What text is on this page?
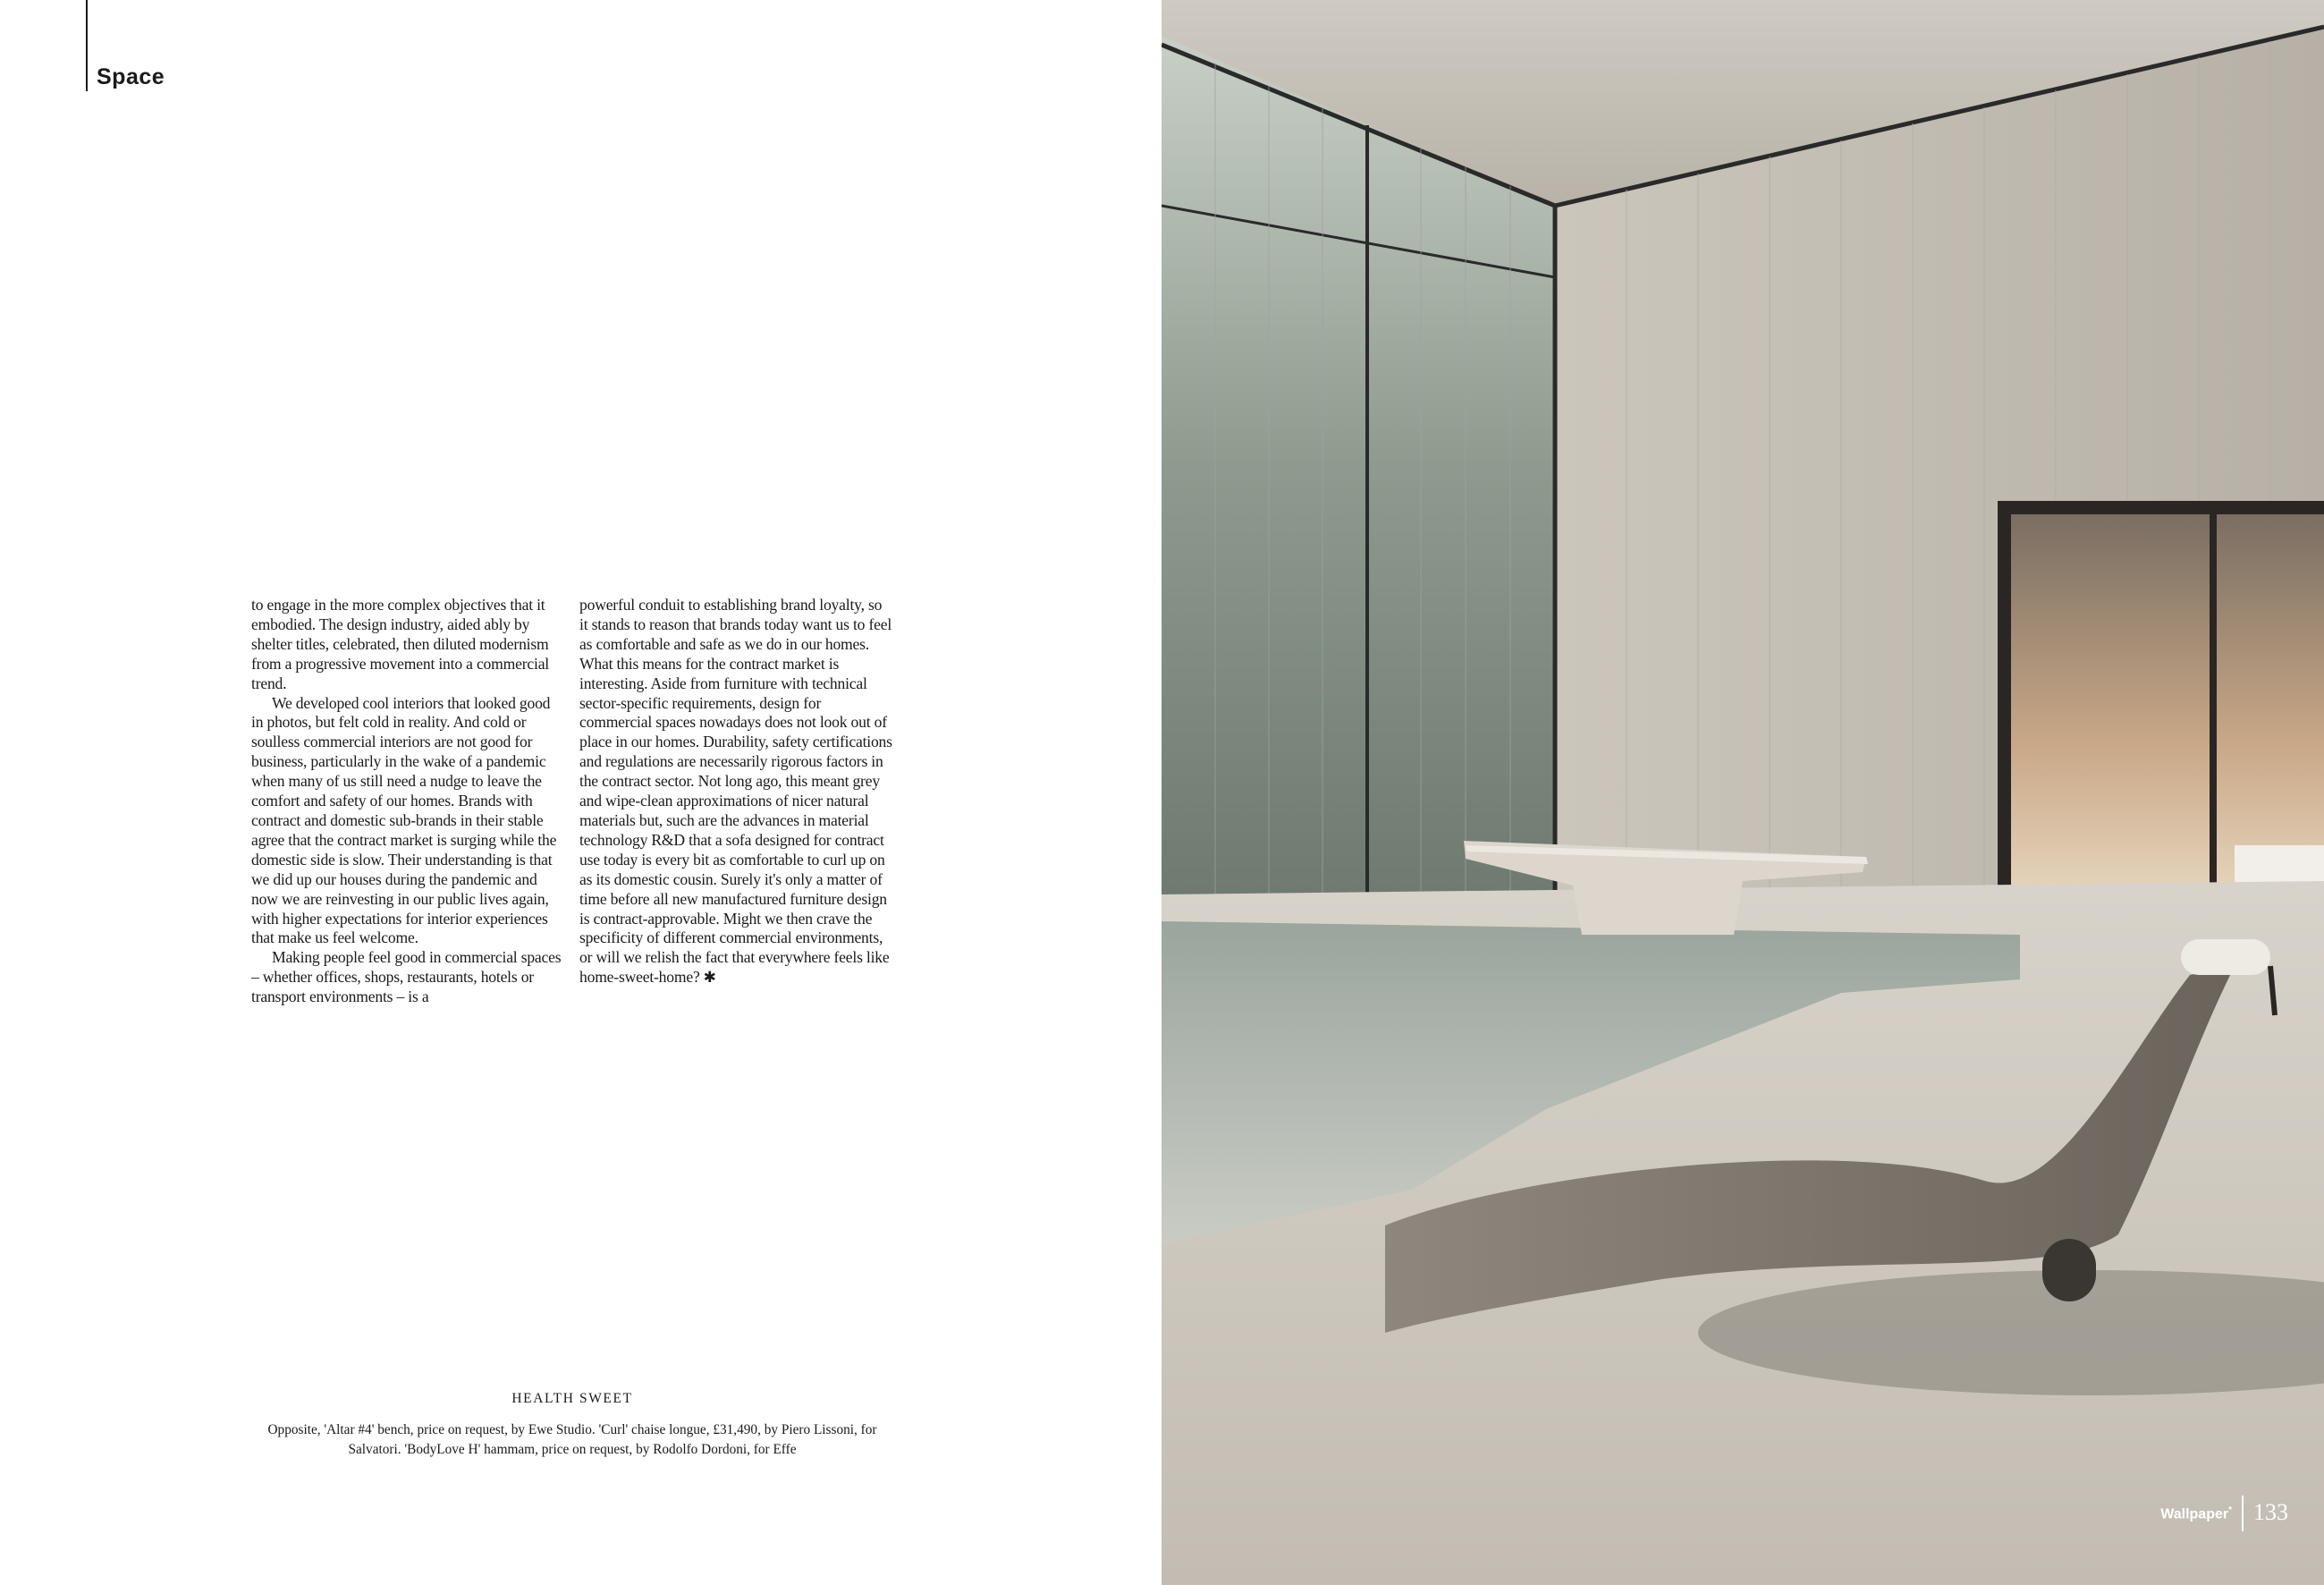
Space

to engage in the more complex objectives that it embodied. The design industry, aided ably by shelter titles, celebrated, then diluted modernism from a progressive movement into a commercial trend.

We developed cool interiors that looked good in photos, but felt cold in reality. And cold or soulless commercial interiors are not good for business, particularly in the wake of a pandemic when many of us still need a nudge to leave the comfort and safety of our homes. Brands with contract and domestic sub-brands in their stable agree that the contract market is surging while the domestic side is slow. Their understanding is that we did up our houses during the pandemic and now we are reinvesting in our public lives again, with higher expectations for interior experiences that make us feel welcome.

Making people feel good in commercial spaces – whether offices, shops, restaurants, hotels or transport environments – is a

powerful conduit to establishing brand loyalty, so it stands to reason that brands today want us to feel as comfortable and safe as we do in our homes. What this means for the contract market is interesting. Aside from furniture with technical sector-specific requirements, design for commercial spaces nowadays does not look out of place in our homes. Durability, safety certifications and regulations are necessarily rigorous factors in the contract sector. Not long ago, this meant grey and wipe-clean approximations of nicer natural materials but, such are the advances in material technology R&D that a sofa designed for contract use today is every bit as comfortable to curl up on as its domestic cousin. Surely it's only a matter of time before all new manufactured furniture design is contract-approvable. Might we then crave the specificity of different commercial environments, or will we relish the fact that everywhere feels like home-sweet-home? ✱

HEALTH SWEET
Opposite, 'Altar #4' bench, price on request, by Ewe Studio. 'Curl' chaise longue, £31,490, by Piero Lissoni, for Salvatori. 'BodyLove H' hammam, price on request, by Rodolfo Dordoni, for Effe
Wallpaper* 133
